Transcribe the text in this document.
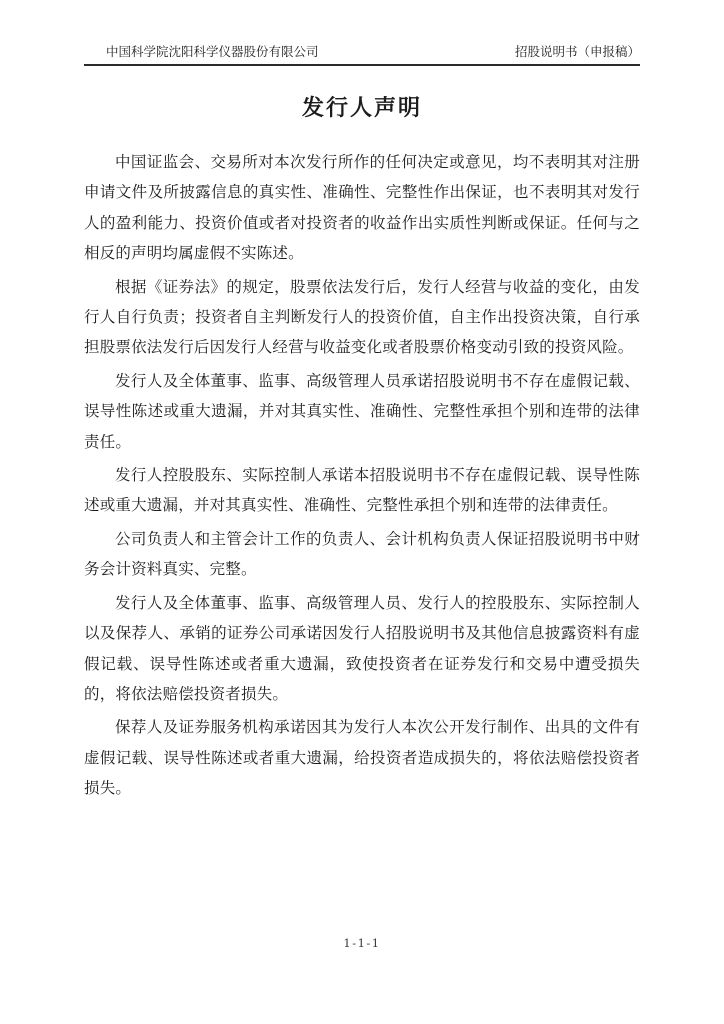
中国科学院沈阳科学仪器股份有限公司	招股说明书（申报稿）
发行人声明

中国证监会、交易所对本次发行所作的任何决定或意见，均不表明其对注册申请文件及所披露信息的真实性、准确性、完整性作出保证，也不表明其对发行人的盈利能力、投资价值或者对投资者的收益作出实质性判断或保证。任何与之相反的声明均属虚假不实陈述。

根据《证券法》的规定，股票依法发行后，发行人经营与收益的变化，由发行人自行负责；投资者自主判断发行人的投资价值，自主作出投资决策，自行承担股票依法发行后因发行人经营与收益变化或者股票价格变动引致的投资风险。

发行人及全体董事、监事、高级管理人员承诺招股说明书不存在虚假记载、误导性陈述或重大遗漏，并对其真实性、准确性、完整性承担个别和连带的法律责任。

发行人控股股东、实际控制人承诺本招股说明书不存在虚假记载、误导性陈述或重大遗漏，并对其真实性、准确性、完整性承担个别和连带的法律责任。

公司负责人和主管会计工作的负责人、会计机构负责人保证招股说明书中财务会计资料真实、完整。

发行人及全体董事、监事、高级管理人员、发行人的控股股东、实际控制人以及保荐人、承销的证券公司承诺因发行人招股说明书及其他信息披露资料有虚假记载、误导性陈述或者重大遗漏，致使投资者在证券发行和交易中遭受损失的，将依法赔偿投资者损失。

保荐人及证券服务机构承诺因其为发行人本次公开发行制作、出具的文件有虚假记载、误导性陈述或者重大遗漏，给投资者造成损失的，将依法赔偿投资者损失。

1-1-1
